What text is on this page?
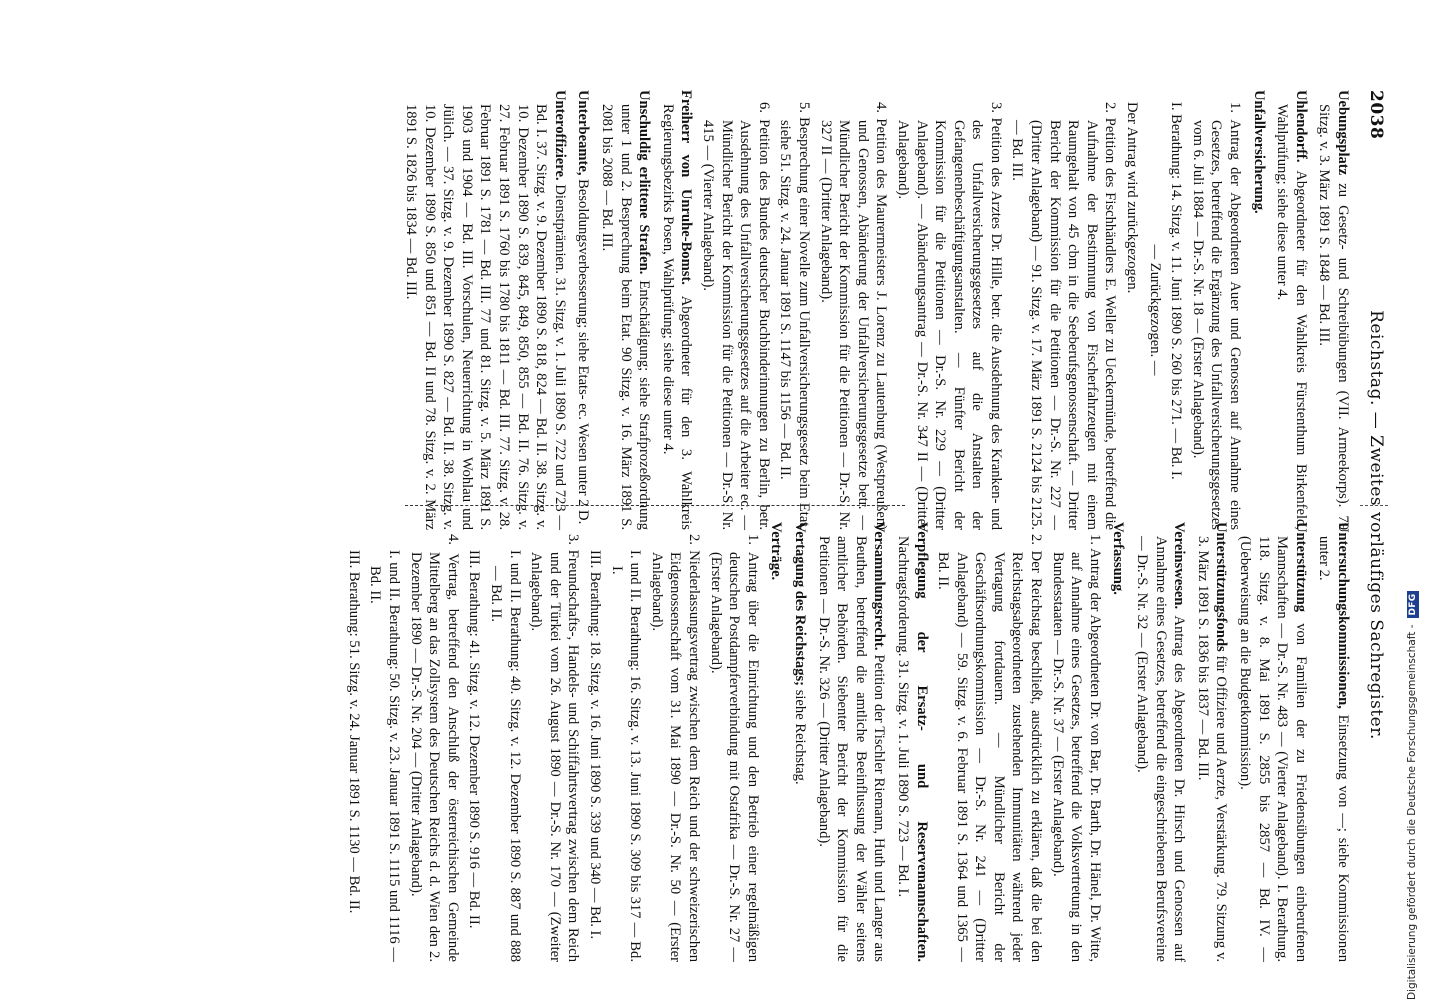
2038
Reichstag. — Zweites vorläufiges Sachregister.

Uebungsplatz zu Gesetz- und Schreibübungen (VII. Armeekorps). 79 Sitzg. v. 3. März 1891 S. 1848 — Bd. III.

Uhlendorff. Abgeordneter für den Wahlkreis Fürstenthum Birkenfeld, Wahlprüfung; siehe diese unter 4.

Unfallversicherung.

1. Antrag der Abgeordneten Auer und Genossen auf Annahme eines Gesetzes, betreffend die Ergänzung des Unfallversicherungsgesetzes vom 6. Juli 1884 — Dr.-S. Nr. 18 — (Erster Anlageband).

I. Berathung: 14. Sitzg. v. 11. Juni 1890 S. 260 bis 271. — Bd. I.

— Zurückgezogen. —

Der Antrag wird zurückgezogen.

2. Petition des Fischhändlers E. Weller zu Ueckermünde, betreffend die Aufnahme der Bestimmung von Fischerfahrzeugen mit einem Raumgehalt von 45 cbm in die Seeberufsgenossenschaft. — Dritter Bericht der Kommission für die Petitionen — Dr.-S. Nr. 227 — (Dritter Anlageband) — 91. Sitzg. v. 17. März 1891 S. 2124 bis 2125. — Bd. III.

3. Petition des Arztes Dr. Hille, betr. die Ausdehnung des Kranken- und des Unfallversicherungsgesetzes auf die Anstalten der Gefangenenbeschäftigungsanstalten. — Fünfter Bericht der Kommission für die Petitionen — Dr.-S. Nr. 229 — (Dritter Anlageband). — Abänderungsantrag — Dr.-S. Nr. 347 II — (Dritter Anlageband).

4. Petition des Maurermeisters J. Lorenz zu Lautenburg (Westpreußen) und Genossen, Abänderung der Unfallversicherungsgesetze betr. — Mündlicher Bericht der Kommission für die Petitionen — Dr.-S. Nr. 327 II — (Dritter Anlageband).

5. Besprechung einer Novelle zum Unfallversicherungsgesetz beim Etat, siehe 51. Sitzg. v. 24. Januar 1891 S. 1147 bis 1156 — Bd. II.

6. Petition des Bundes deutscher Buchbinderinnungen zu Berlin, betr. Ausdehnung des Unfallversicherungsgesetzes auf die Arbeiter ec. — Mündlicher Bericht der Kommission für die Petitionen — Dr.-S. Nr. 415 — (Vierter Anlageband).

Freiherr von Unruhe-Bomst. Abgeordneter für den 3. Wahlkreis Regierungsbezirks Posen, Wahlprüfung; siehe diese unter 4.

Unschuldig erlittene Strafen. Entschädigung; siehe Strafprozeßordnung unter 1 und 2. Besprechung beim Etat. 90 Sitzg. v. 16. März 1891 S. 2081 bis 2088 — Bd. III.

Unterbeamte, Besoldungsverbesserung; siehe Etats- ec. Wesen unter 2 D.

Unteroffiziere. Dienstprämien. 31. Sitzg. v. 1. Juli 1890 S. 722 und 723 — Bd. I. 37. Sitzg. v. 9. Dezember 1890 S. 818, 824 — Bd. II. 38. Sitzg. v. 10. Dezember 1890 S. 839, 845, 849, 850, 855 — Bd. II. 76. Sitzg. v. 27. Februar 1891 S. 1760 bis 1780 bis 1811 — Bd. III. 77. Sitzg. v. 28. Februar 1891 S. 1781 — Bd. III. 77 und 81. Sitzg. v. 5. März 1891 S. 1903 und 1904 — Bd. III. Vorschulen, Neuerrichtung in Wohlau und Jülich. — 37. Sitzg. v. 9. Dezember 1890 S. 827 — Bd. II. 38. Sitzg. v. 10. Dezember 1890 S. 850 und 851 — Bd. II und 78. Sitzg. v. 2. März 1891 S. 1826 bis 1834 — Bd. III.

Untersuchungskommissionen, Einsetzung von —; siehe Kommissionen unter 2.

Unterstützung von Familien der zu Friedensübungen einberufenen Mannschaften — Dr.-S. Nr. 483 — (Vierter Anlageband). I. Berathung. 118. Sitzg. v. 8. Mai 1891 S. 2855 bis 2857 — Bd. IV. — (Ueberweisung an die Budgetkommission).

Unterstützungsfonds für Offiziere und Aerzte, Verstärkung. 79. Sitzung v. 3. März 1891 S. 1836 bis 1837 — Bd. III.

Vereinswesen. Antrag des Abgeordneten Dr. Hirsch und Genossen auf Annahme eines Gesetzes, betreffend die eingeschriebenen Berufsvereine — Dr.-S. Nr. 32 — (Erster Anlageband).

Verfassung.

1. Antrag der Abgeordneten Dr. von Bar, Dr. Barth, Dr. Hänel, Dr. Witte, auf Annahme eines Gesetzes, betreffend die Volksvertretung in den Bundesstaaten — Dr.-S. Nr. 37 — (Erster Anlageband).

2. Der Reichstag beschließt, ausdrücklich zu erklären, daß die bei den Reichstagsabgeordneten zustehenden Immunitäten während jeder Vertagung fortdauern. — Mündlicher Bericht der Geschäftsordnungskommission — Dr.-S. Nr. 241 — (Dritter Anlageband) — 59. Sitzg. v. 6. Februar 1891 S. 1364 und 1365 — Bd. II.

Verpflegung der Ersatz- und Reservemannschaften. Nachtragsforderung. 31. Sitzg. v. 1. Juli 1890 S. 723 — Bd. I.

Versammlungsrecht. Petition der Tischler Riemann, Huth und Langer aus Beuthen, betreffend die amtliche Beeinflussung der Wähler seitens amtlicher Behörden. Siebenter Bericht der Kommission für die Petitionen — Dr.-S. Nr. 326 — (Dritter Anlageband).

Vertagung des Reichstags; siehe Reichstag.

Verträge.

1. Antrag über die Einrichtung und den Betrieb einer regelmäßigen deutschen Postdampferverbindung mit Ostafrika — Dr.-S. Nr. 27 — (Erster Anlageband).

2. Niederlassungsvertrag zwischen dem Reich und der schweizerischen Eidgenossenschaft vom 31. Mai 1890 — Dr.-S. Nr. 50 — (Erster Anlageband).

I. und II. Berathung: 16. Sitzg. v. 13. Juni 1890 S. 309 bis 317 — Bd. I.

III. Berathung: 18. Sitzg. v. 16. Juni 1890 S. 339 und 340 — Bd. I.

3. Freundschafts-, Handels- und Schiffahrtsvertrag zwischen dem Reich und der Türkei vom 26. August 1890 — Dr.-S. Nr. 170 — (Zweiter Anlageband).

I. und II. Berathung: 40. Sitzg. v. 12. Dezember 1890 S. 887 und 888 — Bd. II.

III. Berathung: 41. Sitzg. v. 12. Dezember 1890 S. 916 — Bd. II.

4. Vertrag, betreffend den Anschluß der österreichischen Gemeinde Mittelberg an das Zollsystem des Deutschen Reichs d. d. Wien den 2. Dezember 1890 — Dr.-S. Nr. 204 — (Dritter Anlageband).

I. und II. Berathung: 50. Sitzg. v. 23. Januar 1891 S. 1115 und 1116 — Bd. II.

III. Berathung: 51. Sitzg. v. 24. Januar 1891 S. 1130 — Bd. II.	Digitalisierung gefördert durch die Deutsche Forschungsgemeinschaft -DFG
